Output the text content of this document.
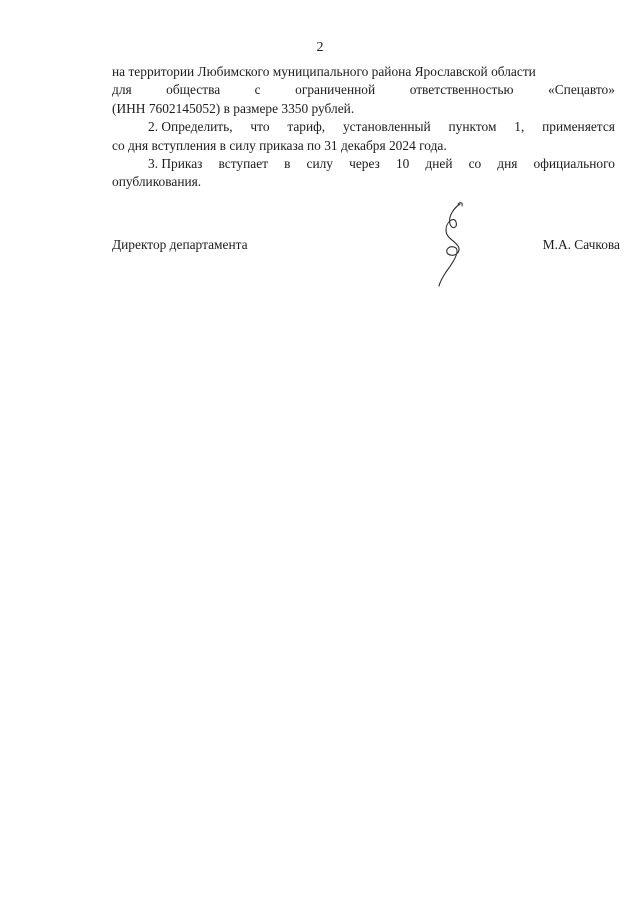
2
на территории Любимского муниципального района Ярославской области
для	общества	с	ограниченной	ответственностью	«Спецавто»
(ИНН 7602145052) в размере 3350 рублей.
2. Определить, что тариф, установленный пунктом 1, применяется
со дня вступления в силу приказа по 31 декабря 2024 года.
3. Приказ вступает в силу через 10 дней со дня официального
опубликования.
Директор департамента	М.А. Сачкова
